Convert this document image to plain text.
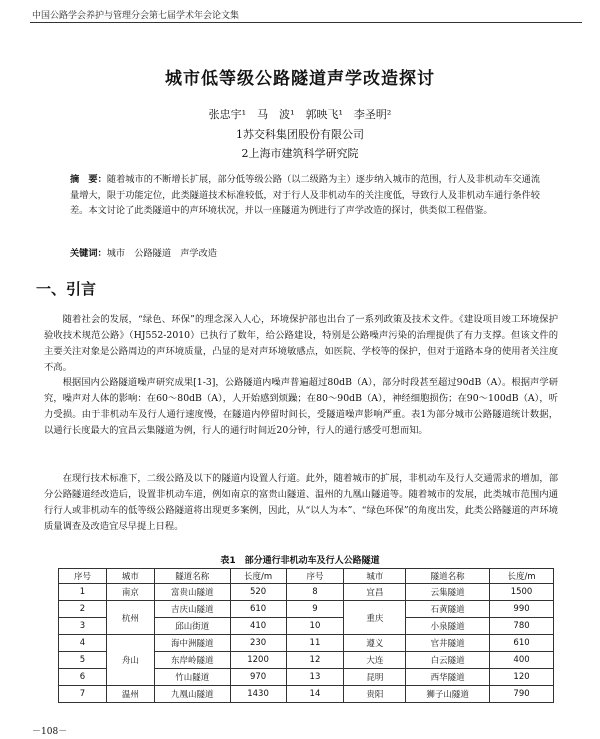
中国公路学会养护与管理分会第七届学术年会论文集
城市低等级公路隧道声学改造探讨
张忠宇¹　马　波¹　郭映飞¹　李圣明²
1苏交科集团股份有限公司
2上海市建筑科学研究院
摘　要：随着城市的不断增长扩展，部分低等级公路（以二级路为主）逐步纳入城市的范围，行人及非机动车交通流量增大，限于功能定位，此类隧道技术标准较低，对于行人及非机动车的关注度低，导致行人及非机动车通行条件较差。本文讨论了此类隧道中的声环境状况，并以一座隧道为例进行了声学改造的探讨，供类似工程借鉴。
关键词：城市　公路隧道　声学改造
一、引言

随着社会的发展，“绿色、环保”的理念深入人心，环境保护部也出台了一系列政策及技术文件。《建设项目竣工环境保护验收技术规范公路》（HJ552-2010）已执行了数年，给公路建设，特别是公路噪声污染的治理提供了有力支撑。但该文件的主要关注对象是公路周边的声环境质量，凸显的是对声环境敏感点，如医院、学校等的保护，但对于道路本身的使用者关注度不高。

根据国内公路隧道噪声研究成果[1-3]，公路隧道内噪声普遍超过80dB（A），部分时段甚至超过90dB（A）。根据声学研究，噪声对人体的影响：在60～80dB（A），人开始感到烦躁；在80～90dB（A），神经细胞损伤；在90～100dB（A），听力受损。由于非机动车及行人通行速度慢，在隧道内停留时间长，受隧道噪声影响严重。表1为部分城市公路隧道统计数据，以通行长度最大的宜昌云集隧道为例，行人的通行时间近20分钟，行人的通行感受可想而知。

在现行技术标准下，二级公路及以下的隧道内设置人行道。此外，随着城市的扩展，非机动车及行人交通需求的增加，部分公路隧道经改造后，设置非机动车道，例如南京的富贵山隧道、温州的九凰山隧道等。随着城市的发展，此类城市范围内通行行人或非机动车的低等级公路隧道将出现更多案例，因此，从“以人为本”、“绿色环保”的角度出发，此类公路隧道的声环境质量调查及改造宜尽早提上日程。

表1　部分通行非机动车及行人公路隧道
序号	城市	隧道名称	长度/m	序号	城市	隧道名称	长度/m
1	南京	富贵山隧道	520	8	宜昌	云集隧道	1500
2	杭州	吉庆山隧道	610	9	重庆	石黄隧道	990
3		邱山街道	410	10		小泉隧道	780
4	舟山	海中洲隧道	230	11	遵义	官井隧道	610
5		东岸岭隧道	1200	12	大连	白云隧道	400
6		竹山隧道	970	13	昆明	西华隧道	120
7	温州	九凰山隧道	1430	14	贵阳	狮子山隧道	790
－108－
